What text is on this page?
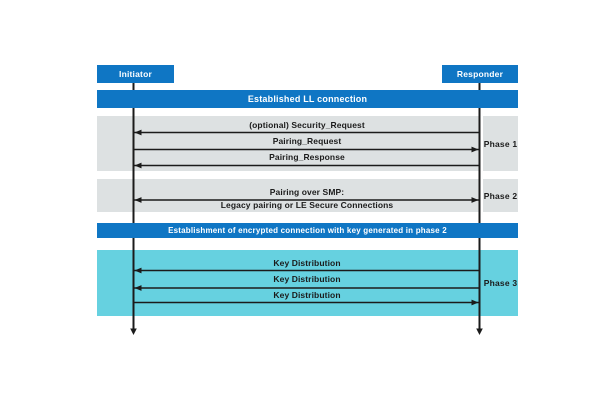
Phase 1
Phase 2
Phase 3
Initiator	Responder
Established LL connection
Establishment of encrypted connection with key generated in phase 2
(optional) Security_Request
Pairing_Request
Pairing_Response
Pairing over SMP:
Legacy pairing or LE Secure Connections
Key Distribution
Key Distribution
Key Distribution
